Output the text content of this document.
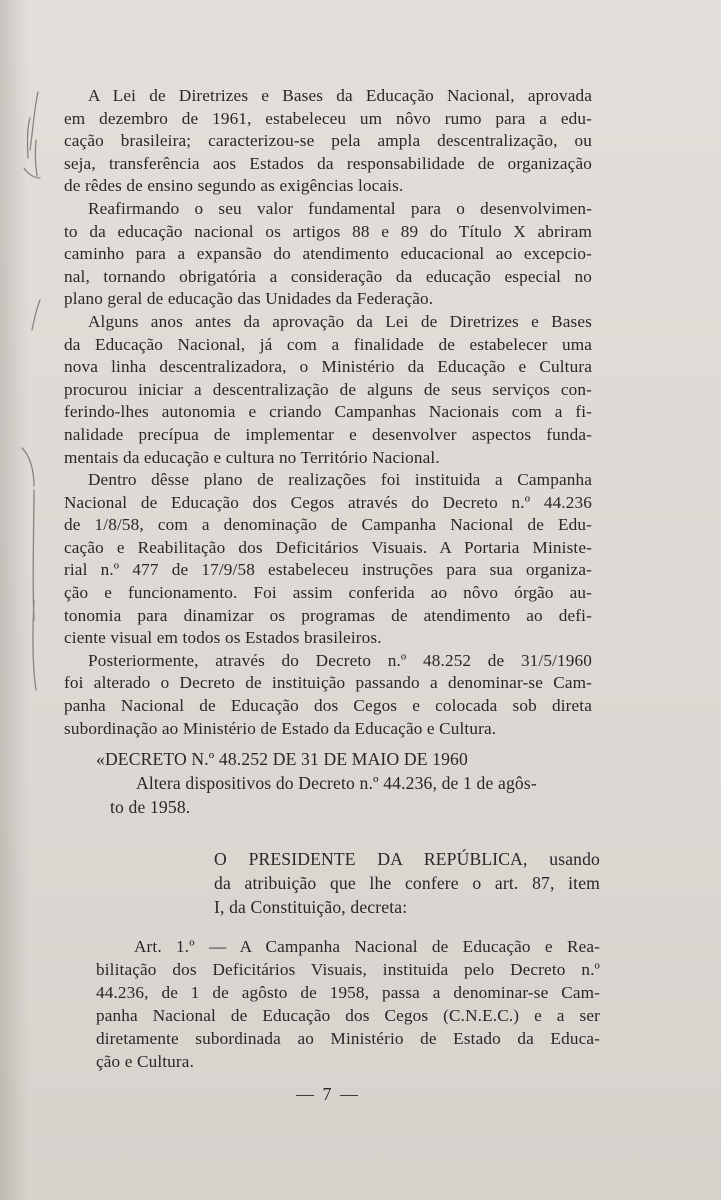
A Lei de Diretrizes e Bases da Educação Nacional, aprovada
em dezembro de 1961, estabeleceu um nôvo rumo para a edu-
cação brasileira; caracterizou-se pela ampla descentralização, ou
seja, transferência aos Estados da responsabilidade de organização
de rêdes de ensino segundo as exigências locais.
Reafirmando o seu valor fundamental para o desenvolvimen-
to da educação nacional os artigos 88 e 89 do Título X abriram
caminho para a expansão do atendimento educacional ao excepcio-
nal, tornando obrigatória a consideração da educação especial no
plano geral de educação das Unidades da Federação.
Alguns anos antes da aprovação da Lei de Diretrizes e Bases
da Educação Nacional, já com a finalidade de estabelecer uma
nova linha descentralizadora, o Ministério da Educação e Cultura
procurou iniciar a descentralização de alguns de seus serviços con-
ferindo-lhes autonomia e criando Campanhas Nacionais com a fi-
nalidade precípua de implementar e desenvolver aspectos funda-
mentais da educação e cultura no Território Nacional.
Dentro dêsse plano de realizações foi instituida a Campanha
Nacional de Educação dos Cegos através do Decreto n.º 44.236
de 1/8/58, com a denominação de Campanha Nacional de Edu-
cação e Reabilitação dos Deficitários Visuais. A Portaria Ministe-
rial n.º 477 de 17/9/58 estabeleceu instruções para sua organiza-
ção e funcionamento. Foi assim conferida ao nôvo órgão au-
tonomia para dinamizar os programas de atendimento ao defi-
ciente visual em todos os Estados brasileiros.
Posteriormente, através do Decreto n.º 48.252 de 31/5/1960
foi alterado o Decreto de instituição passando a denominar-se Cam-
panha Nacional de Educação dos Cegos e colocada sob direta
subordinação ao Ministério de Estado da Educação e Cultura.
«DECRETO N.º 48.252 DE 31 DE MAIO DE 1960
Altera dispositivos do Decreto n.º 44.236, de 1 de agôs-
to de 1958.
O PRESIDENTE DA REPÚBLICA, usando
da atribuição que lhe confere o art. 87, item
I, da Constituição, decreta:
Art. 1.º — A Campanha Nacional de Educação e Rea-
bilitação dos Deficitários Visuais, instituida pelo Decreto n.º
44.236, de 1 de agôsto de 1958, passa a denominar-se Cam-
panha Nacional de Educação dos Cegos (C.N.E.C.) e a ser
diretamente subordinada ao Ministério de Estado da Educa-
ção e Cultura.
— 7 —
